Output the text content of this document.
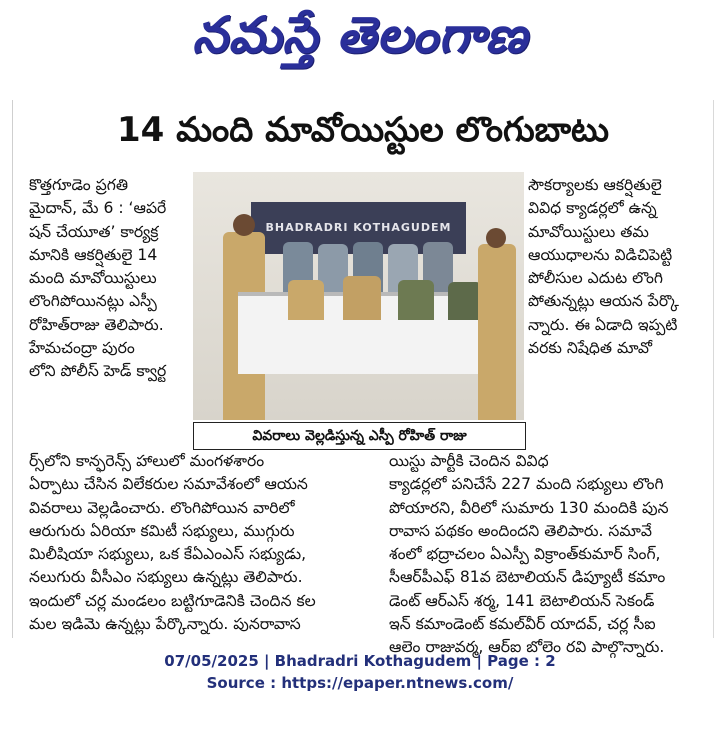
నమస్తే తెలంగాణ
14 మంది మావోయిస్టుల లొంగుబాటు

కొత్తగూడెం ప్రగతి

మైదాన్, మే 6 : ‘ఆపరే

షన్ చేయూత’ కార్యక్ర

మానికి ఆకర్షితులై 14

మంది మావోయిస్టులు

లొంగిపోయినట్లు ఎస్పీ

రోహిత్‌రాజు తెలిపారు.

హేమచంద్రా పురం

లోని పోలీస్ హెడ్ క్వార్ట

BHADRADRI KOTHAGUDEM

సౌకర్యాలకు ఆకర్షితులై

వివిధ క్యాడర్లలో ఉన్న

మావోయిస్టులు తమ

ఆయుధాలను విడిచిపెట్టి

పోలీసుల ఎదుట లొంగి

పోతున్నట్లు ఆయన పేర్కొ

న్నారు. ఈ ఏడాది ఇప్పటి

వరకు నిషేధిత మావో

వివరాలు వెల్లడిస్తున్న ఎస్పీ రోహిత్ రాజు
ర్స్‌లోని కాన్ఫరెన్స్ హాలులో మంగళశారం	యిస్టు పార్టీకి చెందిన వివిధ
ఏర్పాటు చేసిన విలేకరుల సమావేశంలో ఆయన	క్యాడర్లలో పనిచేసే 227 మంది సభ్యులు లొంగి
వివరాలు వెల్లడించారు. లొంగిపోయిన వారిలో	పోయారని, వీరిలో సుమారు 130 మందికి పున
ఆరుగురు ఏరియా కమిటీ సభ్యులు, ముగ్గురు	రావాస పథకం అందిందని తెలిపారు. సమావే
మిలీషియా సభ్యులు, ఒక కేఏఎంఎస్ సభ్యుడు,	శంలో భద్రాచలం ఏఎస్పీ విక్రాంత్‌కుమార్ సింగ్,
నలుగురు వీసీఎం సభ్యులు ఉన్నట్లు తెలిపారు.	సీఆర్‌పీఎఫ్ 81వ బెటాలియన్ డిప్యూటీ కమాం
ఇందులో చర్ల మండలం బట్టిగూడెనికి చెందిన కల	డెంట్ ఆర్ఎస్ శర్మ, 141 బెటాలియన్ సెకండ్
మల ఇడిమె ఉన్నట్లు పేర్కొన్నారు. పునరావాస	ఇన్ కమాండెంట్ కమల్‌వీర్ యాదవ్, చర్ల సీఐ
ఆలెం రాజువర్మ, ఆర్ఐ బోలెం రవి పాల్గొన్నారు.
07/05/2025 | Bhadradri Kothagudem | Page : 2
Source : https://epaper.ntnews.com/
